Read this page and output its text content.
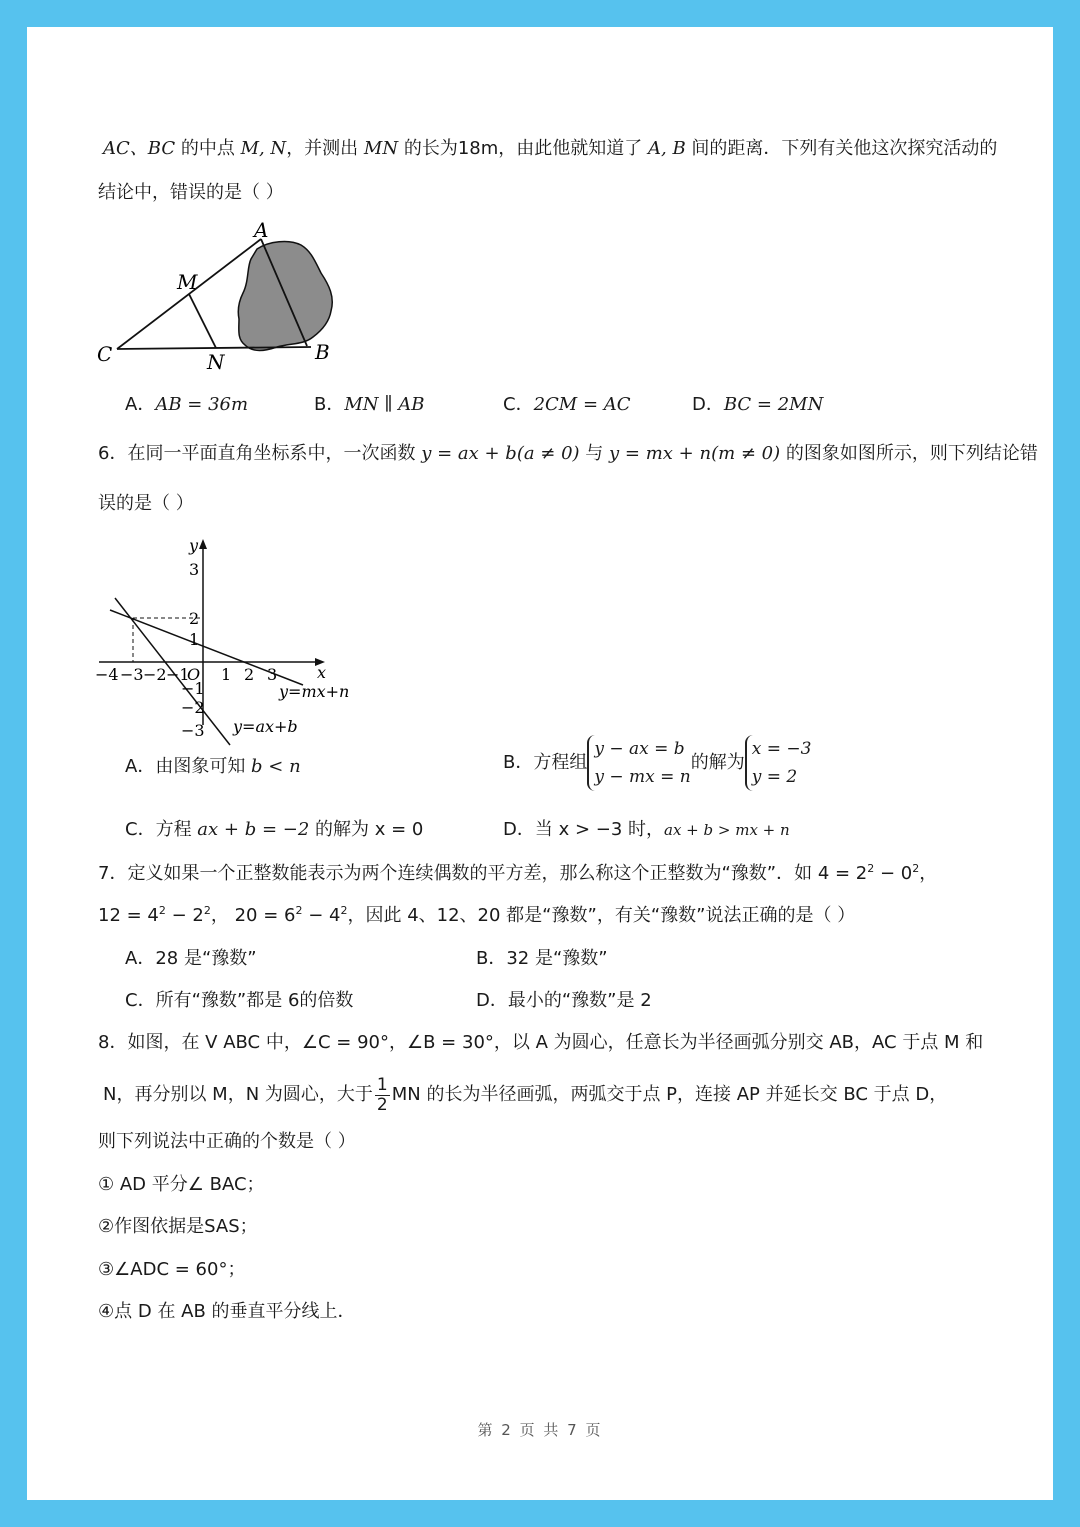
AC、BC 的中点 M, N，并测出 MN 的长为18m，由此他就知道了 A, B 间的距离．下列有关他这次探究活动的
结论中，错误的是（ ）
A
B
C
M
N
A．AB = 36m	B．MN ∥ AB	C．2CM = AC	D．BC = 2MN
6．在同一平面直角坐标系中，一次函数 y = ax + b(a ≠ 0) 与 y = mx + n(m ≠ 0) 的图象如图所示，则下列结论错
误的是（ ）
−4 −3 −2 −1
O 1 2 3 x
3
2
1
−1
−2
−3
y
y=mx+n
y=ax+b
A．由图象可知 b < n	B．方程组
y − ax = b
y − mx = n
的解为
x = −3
y = 2
C．方程 ax + b = −2 的解为 x = 0	D．当 x > −3 时，ax + b > mx + n
7．定义如果一个正整数能表示为两个连续偶数的平方差，那么称这个正整数为“豫数”．如 $4 = 2^2 - 0^2$，
$12 = 4^2 - 2^2$， $20 = 6^2 - 4^2$，因此 4、12、20 都是“豫数”，有关“豫数”说法正确的是（ ）
A．28 是“豫数”	B．32 是“豫数”
C．所有“豫数”都是 6的倍数	D．最小的“豫数”是 2
8．如图，在 V ABC 中，∠C = 90°，∠B = 30°，以 A 为圆心，任意长为半径画弧分别交 AB，AC 于点 M 和
N，再分别以 M，N 为圆心，大于 $\frac{1}{2}$ MN 的长为半径画弧，两弧交于点 P，连接 AP 并延长交 BC 于点 D，
则下列说法中正确的个数是（ ）
① AD 平分∠ BAC；
②作图依据是SAS；
③∠ADC = 60°；
④点 D 在 AB 的垂直平分线上．
第 2 页 共 7 页
